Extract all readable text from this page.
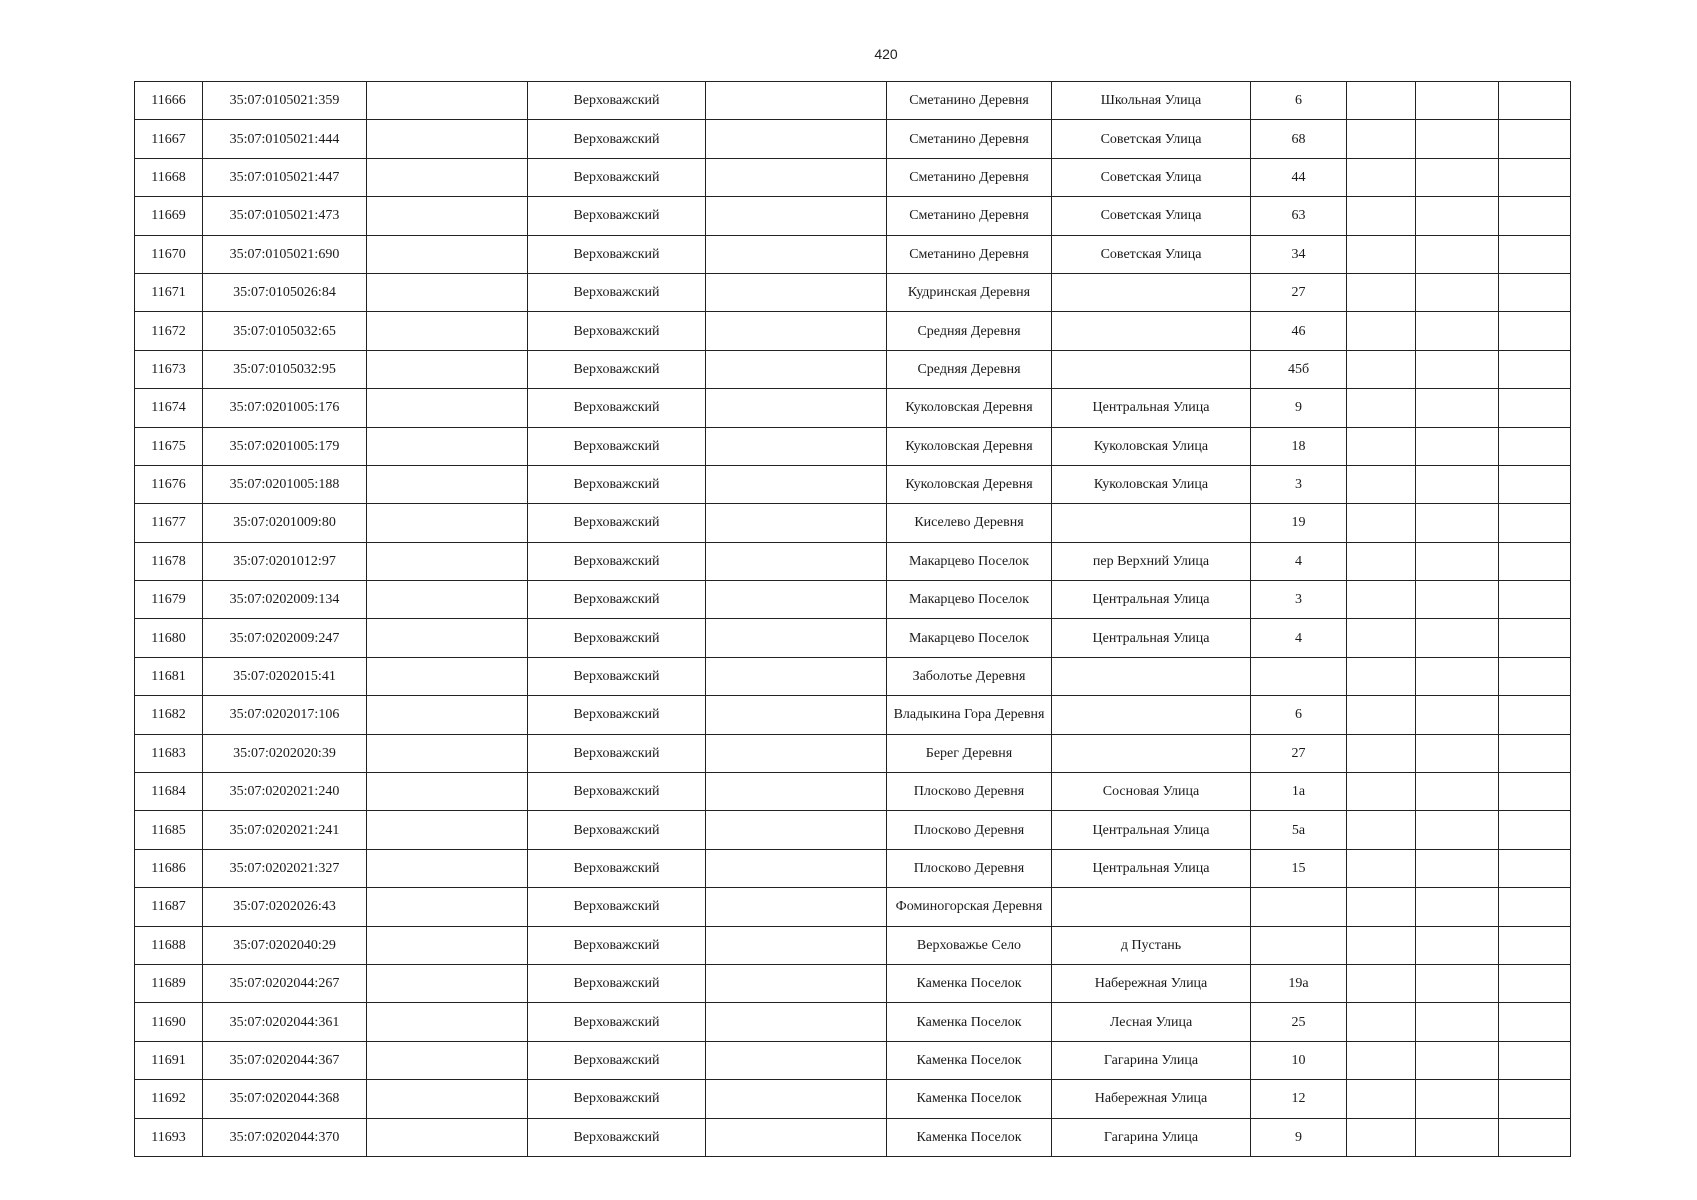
420
11666	35:07:0105021:359		Верховажский		Сметанино Деревня	Школьная Улица	6			
11667	35:07:0105021:444		Верховажский		Сметанино Деревня	Советская Улица	68			
11668	35:07:0105021:447		Верховажский		Сметанино Деревня	Советская Улица	44			
11669	35:07:0105021:473		Верховажский		Сметанино Деревня	Советская Улица	63			
11670	35:07:0105021:690		Верховажский		Сметанино Деревня	Советская Улица	34			
11671	35:07:0105026:84		Верховажский		Кудринская Деревня		27			
11672	35:07:0105032:65		Верховажский		Средняя Деревня		46			
11673	35:07:0105032:95		Верховажский		Средняя Деревня		45б			
11674	35:07:0201005:176		Верховажский		Куколовская Деревня	Центральная Улица	9			
11675	35:07:0201005:179		Верховажский		Куколовская Деревня	Куколовская Улица	18			
11676	35:07:0201005:188		Верховажский		Куколовская Деревня	Куколовская Улица	3			
11677	35:07:0201009:80		Верховажский		Киселево Деревня		19			
11678	35:07:0201012:97		Верховажский		Макарцево Поселок	пер Верхний Улица	4			
11679	35:07:0202009:134		Верховажский		Макарцево Поселок	Центральная Улица	3			
11680	35:07:0202009:247		Верховажский		Макарцево Поселок	Центральная Улица	4			
11681	35:07:0202015:41		Верховажский		Заболотье Деревня					
11682	35:07:0202017:106		Верховажский		Владыкина Гора Деревня		6			
11683	35:07:0202020:39		Верховажский		Берег Деревня		27			
11684	35:07:0202021:240		Верховажский		Плосково Деревня	Сосновая Улица	1а			
11685	35:07:0202021:241		Верховажский		Плосково Деревня	Центральная Улица	5а			
11686	35:07:0202021:327		Верховажский		Плосково Деревня	Центральная Улица	15			
11687	35:07:0202026:43		Верховажский		Фоминогорская Деревня					
11688	35:07:0202040:29		Верховажский		Верховажье Село	д Пустань				
11689	35:07:0202044:267		Верховажский		Каменка Поселок	Набережная Улица	19а			
11690	35:07:0202044:361		Верховажский		Каменка Поселок	Лесная Улица	25			
11691	35:07:0202044:367		Верховажский		Каменка Поселок	Гагарина Улица	10			
11692	35:07:0202044:368		Верховажский		Каменка Поселок	Набережная Улица	12			
11693	35:07:0202044:370		Верховажский		Каменка Поселок	Гагарина Улица	9			
